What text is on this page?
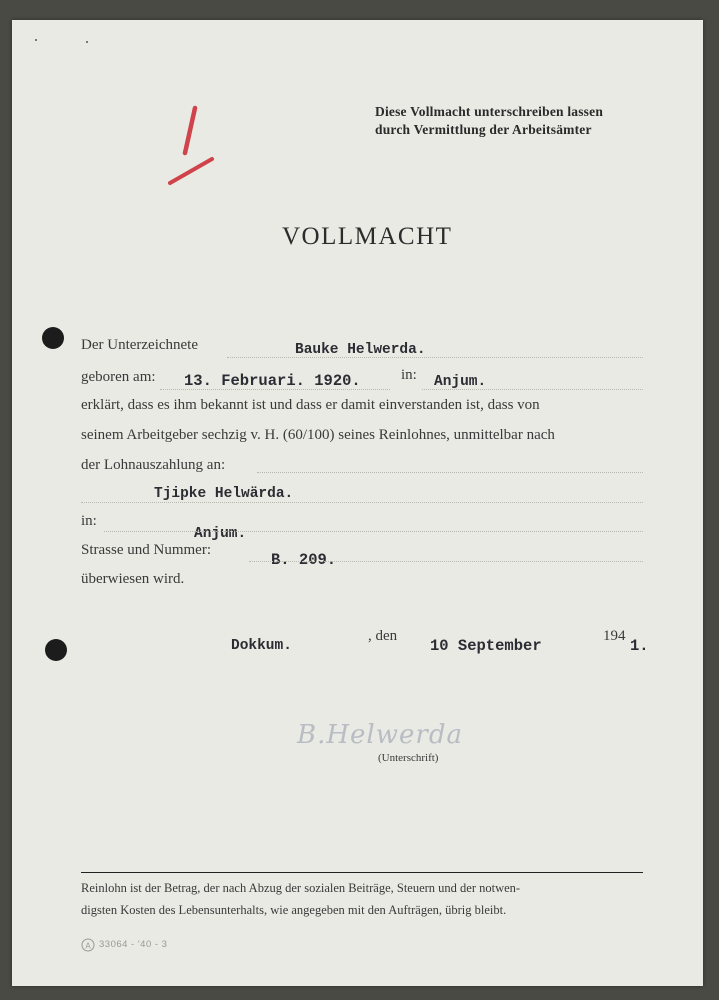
Diese Vollmacht unterschreiben lassen
durch Vermittlung der Arbeitsämter
VOLLMACHT
Der Unterzeichnete	Bauke Helwerda.
geboren am: 13. Februari. 1920.	in: Anjum.
erklärt, dass es ihm bekannt ist und dass er damit einverstanden ist, dass von
seinem Arbeitgeber sechzig v. H. (60/100) seines Reinlohnes, unmittelbar nach
der Lohnauszahlung an:
Tjipke Helwärda.
in:
Anjum.
Strasse und Nummer:
B. 209.
überwiesen wird.
Dokkum.
, den
10 September
194
1.
B.Helwerda
(Unterschrift)
Reinlohn ist der Betrag, der nach Abzug der sozialen Beiträge, Steuern und der notwen-
digsten Kosten des Lebensunterhalts, wie angegeben mit den Aufträgen, übrig bleibt.
A 33064 - '40 - 3
